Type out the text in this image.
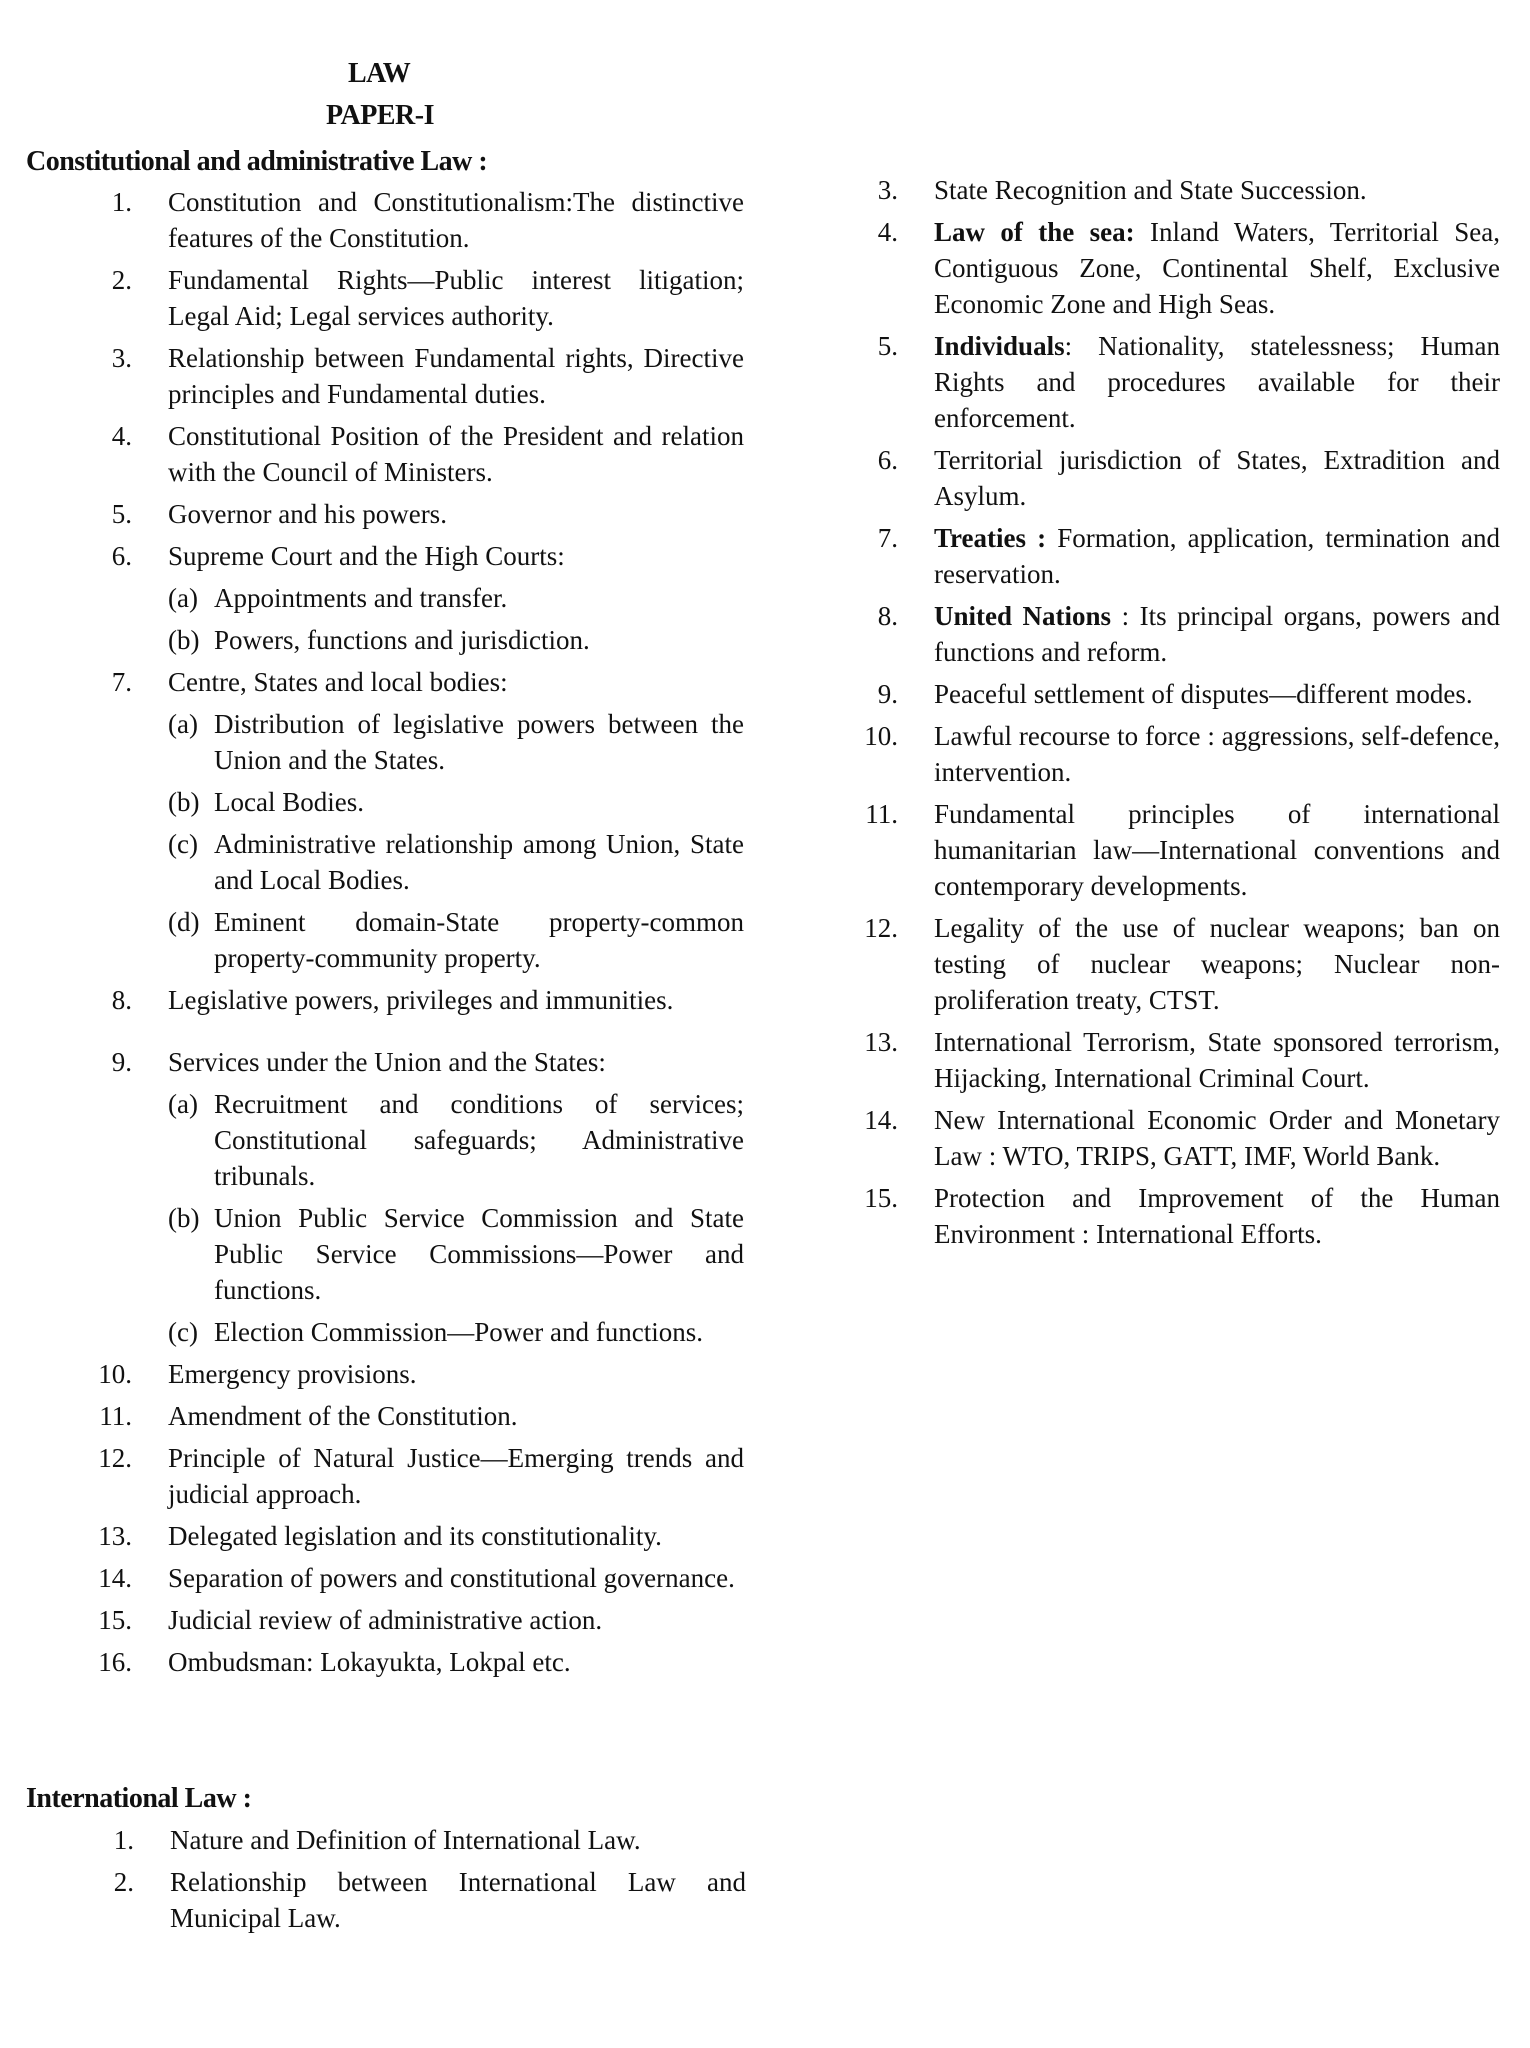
LAW
PAPER-I
Constitutional and administrative Law :
1.	Constitution and Constitutionalism:The distinctive features of the Constitution.
2.	Fundamental Rights—Public interest litigation; Legal Aid; Legal services authority.
3.	Relationship between Fundamental rights, Directive principles and Fundamental duties.
4.	Constitutional Position of the President and relation with the Council of Ministers.
5.	Governor and his powers.
6.	Supreme Court and the High Courts:
(a) Appointments and transfer.
(b) Powers, functions and jurisdiction.
7.	Centre, States and local bodies:
(a) Distribution of legislative powers between the Union and the States.
(b) Local Bodies.
(c) Administrative relationship among Union, State and Local Bodies.
(d) Eminent domain-State property-common property-community property.
8.	Legislative powers, privileges and immunities.
9.	Services under the Union and the States:
(a) Recruitment and conditions of services; Constitutional safeguards; Administrative tribunals.
(b) Union Public Service Commission and State Public Service Commissions—Power and functions.
(c) Election Commission—Power and functions.
10.	Emergency provisions.
11.	Amendment of the Constitution.
12.	Principle of Natural Justice—Emerging trends and judicial approach.
13.	Delegated legislation and its constitutionality.
14.	Separation of powers and constitutional governance.
15.	Judicial review of administrative action.
16.	Ombudsman: Lokayukta, Lokpal etc.
International Law :
1.	Nature and Definition of International Law.
2.	Relationship between International Law and Municipal Law.
3.	State Recognition and State Succession.
4.	Law of the sea: Inland Waters, Territorial Sea, Contiguous Zone, Continental Shelf, Exclusive Economic Zone and High Seas.
5.	Individuals: Nationality, statelessness; Human Rights and procedures available for their enforcement.
6.	Territorial jurisdiction of States, Extradition and Asylum.
7.	Treaties : Formation, application, termination and reservation.
8.	United Nations : Its principal organs, powers and functions and reform.
9.	Peaceful settlement of disputes—different modes.
10.	Lawful recourse to force : aggressions, self-defence, intervention.
11.	Fundamental principles of international humanitarian law—International conventions and contemporary developments.
12.	Legality of the use of nuclear weapons; ban on testing of nuclear weapons; Nuclear non-proliferation treaty, CTST.
13.	International Terrorism, State sponsored terrorism, Hijacking, International Criminal Court.
14.	New International Economic Order and Monetary Law : WTO, TRIPS, GATT, IMF, World Bank.
15.	Protection and Improvement of the Human Environment : International Efforts.
